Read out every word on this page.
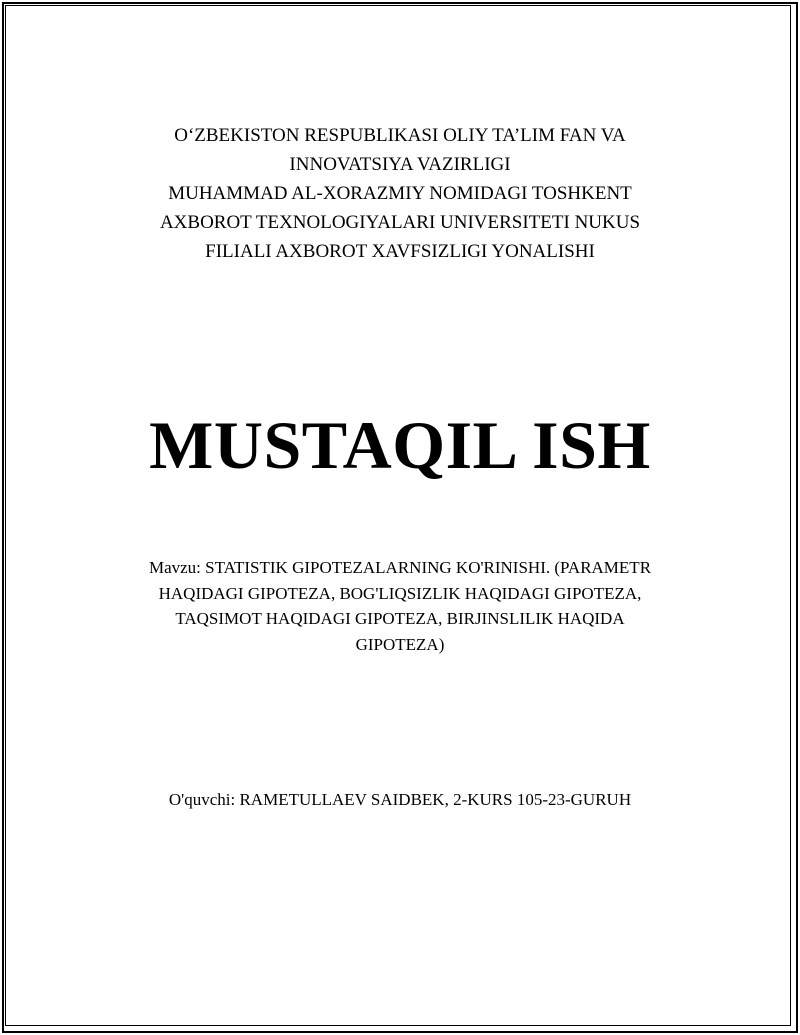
O‘ZBEKISTON RESPUBLIKASI OLIY TA’LIM FAN VA
INNOVATSIYA VAZIRLIGI
MUHAMMAD AL-XORAZMIY NOMIDAGI TOSHKENT
AXBOROT TEXNOLOGIYALARI UNIVERSITETI NUKUS
FILIALI AXBOROT XAVFSIZLIGI YONALISHI
MUSTAQIL ISH
Mavzu: STATISTIK GIPOTEZALARNING KO'RINISHI. (PARAMETR
HAQIDAGI GIPOTEZA, BOG'LIQSIZLIK HAQIDAGI GIPOTEZA,
TAQSIMOT HAQIDAGI GIPOTEZA, BIRJINSLILIK HAQIDA
GIPOTEZA)
O'quvchi: RAMETULLAEV SAIDBEK, 2-KURS 105-23-GURUH
